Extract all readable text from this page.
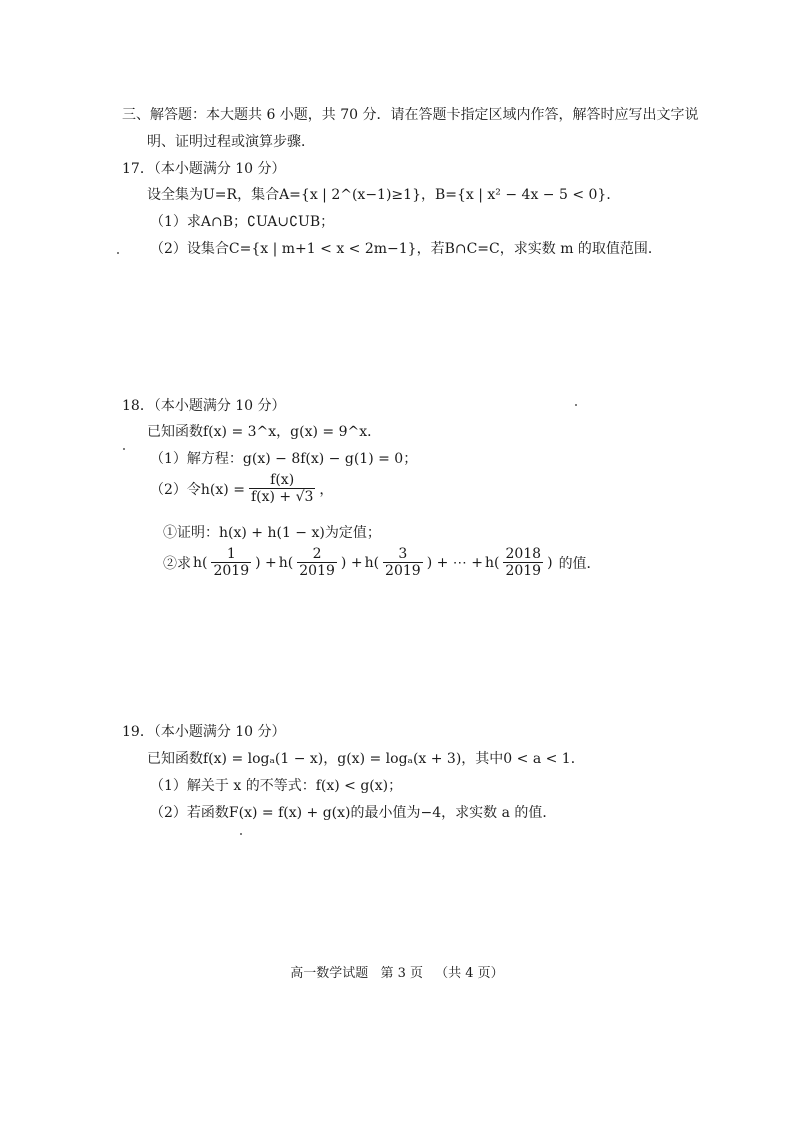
三、解答题：本大题共 6 小题，共 70 分．请在答题卡指定区域内作答，解答时应写出文字说
明、证明过程或演算步骤．
17．（本小题满分 10 分）
设全集为U=R，集合A={x | 2^(x−1)≥1}，B={x | x² − 4x − 5 < 0}．
（1）求A∩B；∁UA∪∁UB；
（2）设集合C={x | m+1 < x < 2m−1}，若B∩C=C，求实数 m 的取值范围．
18．（本小题满分 10 分）
已知函数f(x) = 3^x，g(x) = 9^x．
（1）解方程：g(x) − 8f(x) − g(1) = 0；
（2）令$h(x) = \frac{f(x)}{f(x) + √3}$ ，
①证明：h(x) + h(1 − x)为定值；
②求 $h( \frac{1}{2019}$ ) + $h( \frac{2}{2019}$ ) + $h( \frac{3}{2019}$ ) + ⋯ + $h( \frac{2018}{2019}$ ) 的值．
19．（本小题满分 10 分）
已知函数f(x) = logₐ(1 − x)，g(x) = logₐ(x + 3)，其中0 < a < 1．
（1）解关于 x 的不等式：f(x) < g(x)；
（2）若函数F(x) = f(x) + g(x)的最小值为−4，求实数 a 的值．
高一数学试题 第 3 页 （共 4 页）
